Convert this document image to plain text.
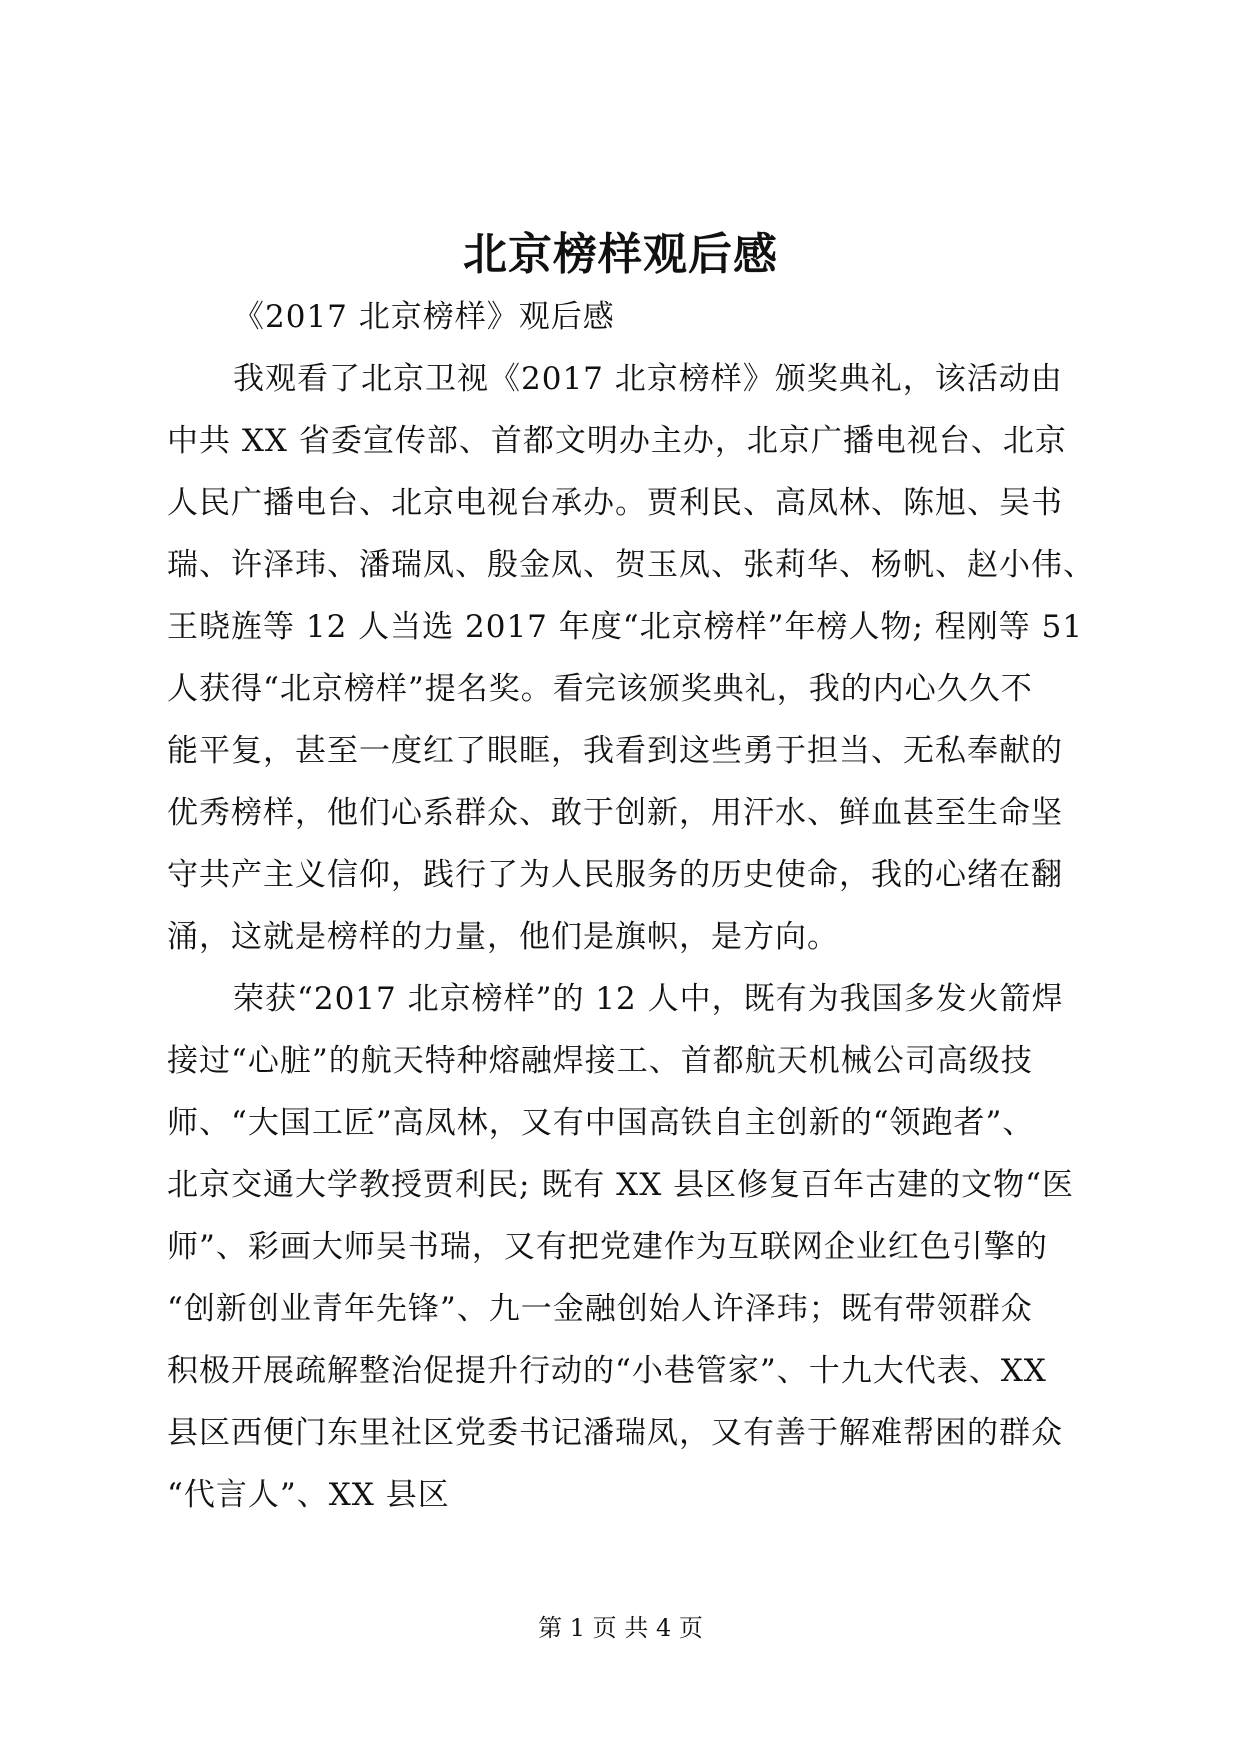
北京榜样观后感
《2017 北京榜样》观后感
我观看了北京卫视《2017 北京榜样》颁奖典礼，该活动由
中共 XX 省委宣传部、首都文明办主办，北京广播电视台、北京
人民广播电台、北京电视台承办。贾利民、高凤林、陈旭、吴书
瑞、许泽玮、潘瑞凤、殷金凤、贺玉凤、张莉华、杨帆、赵小伟、
王晓旌等 12 人当选 2017 年度“北京榜样”年榜人物; 程刚等 51
人获得“北京榜样”提名奖。看完该颁奖典礼，我的内心久久不
能平复，甚至一度红了眼眶，我看到这些勇于担当、无私奉献的
优秀榜样，他们心系群众、敢于创新，用汗水、鲜血甚至生命坚
守共产主义信仰，践行了为人民服务的历史使命，我的心绪在翻
涌，这就是榜样的力量，他们是旗帜，是方向。
荣获“2017 北京榜样”的 12 人中，既有为我国多发火箭焊
接过“心脏”的航天特种熔融焊接工、首都航天机械公司高级技
师、“大国工匠”高凤林，又有中国高铁自主创新的“领跑者”、
北京交通大学教授贾利民; 既有 XX 县区修复百年古建的文物“医
师”、彩画大师吴书瑞，又有把党建作为互联网企业红色引擎的
“创新创业青年先锋”、九一金融创始人许泽玮；既有带领群众
积极开展疏解整治促提升行动的“小巷管家”、十九大代表、XX
县区西便门东里社区党委书记潘瑞凤，又有善于解难帮困的群众
“代言人”、XX 县区
第 1 页 共 4 页
